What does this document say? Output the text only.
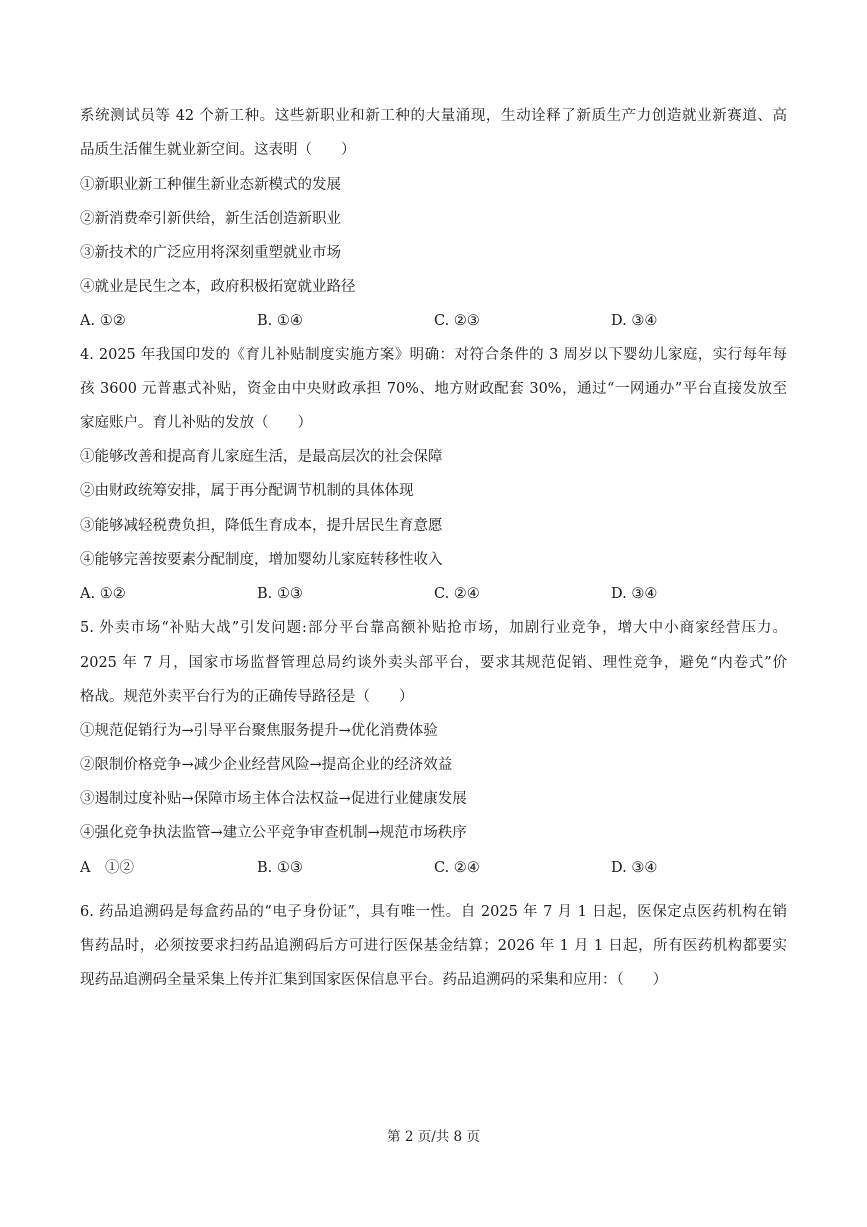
系统测试员等 42 个新工种。这些新职业和新工种的大量涌现，生动诠释了新质生产力创造就业新赛道、高
品质生活催生就业新空间。这表明（　　）
①新职业新工种催生新业态新模式的发展
②新消费牵引新供给，新生活创造新职业
③新技术的广泛应用将深刻重塑就业市场
④就业是民生之本，政府积极拓宽就业路径
A. ①②	B. ①④	C. ②③	D. ③④
4. 2025 年我国印发的《育儿补贴制度实施方案》明确：对符合条件的 3 周岁以下婴幼儿家庭，实行每年每
孩 3600 元普惠式补贴，资金由中央财政承担 70%、地方财政配套 30%，通过“一网通办”平台直接发放至
家庭账户。育儿补贴的发放（　　）
①能够改善和提高育儿家庭生活，是最高层次的社会保障
②由财政统筹安排，属于再分配调节机制的具体体现
③能够减轻税费负担，降低生育成本，提升居民生育意愿
④能够完善按要素分配制度，增加婴幼儿家庭转移性收入
A. ①②	B. ①③	C. ②④	D. ③④
5. 外卖市场“补贴大战”引发问题:部分平台靠高额补贴抢市场，加剧行业竞争，增大中小商家经营压力。
2025 年 7 月，国家市场监督管理总局约谈外卖头部平台，要求其规范促销、理性竞争，避免“内卷式”价
格战。规范外卖平台行为的正确传导路径是（　　）
①规范促销行为→引导平台聚焦服务提升→优化消费体验
②限制价格竞争→减少企业经营风险→提高企业的经济效益
③遏制过度补贴→保障市场主体合法权益→促进行业健康发展
④强化竞争执法监管→建立公平竞争审查机制→规范市场秩序
A　①②	B. ①③	C. ②④	D. ③④
6. 药品追溯码是每盒药品的“电子身份证”，具有唯一性。自 2025 年 7 月 1 日起，医保定点医药机构在销
售药品时，必须按要求扫药品追溯码后方可进行医保基金结算；2026 年 1 月 1 日起，所有医药机构都要实
现药品追溯码全量采集上传并汇集到国家医保信息平台。药品追溯码的采集和应用：（　　）
第 2 页/共 8 页
